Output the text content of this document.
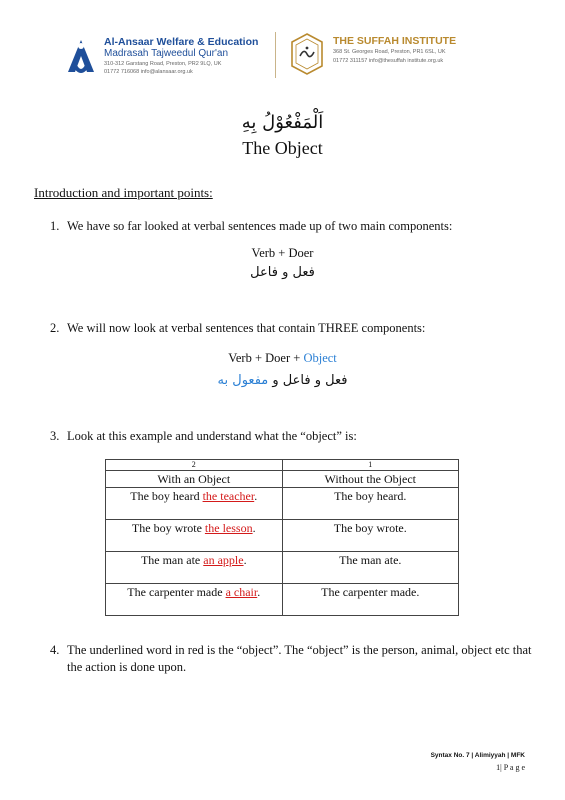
Al-Ansaar Welfare & Education
Madrasah Tajweedul Qur'an
310-312 Garstang Road, Preston, PR2 9LQ, UK
01772 716068 info@alansaar.org.uk
THE SUFFAH INSTITUTE
368 St. Georges Road, Preston, PR1 6SL, UK
01772 311157 info@thesuffah institute.org.uk
اَلْمَفْعُوْلُ بِهِ
The Object
Introduction and important points:
1. We have so far looked at verbal sentences made up of two main components:
Verb + Doer
فعل و فاعل
2. We will now look at verbal sentences that contain THREE components:
Verb + Doer + Object
فعل و فاعل و مفعول به
3. Look at this example and understand what the “object” is:
2	1
With an Object	Without the Object
The boy heard the teacher.	The boy heard.
The boy wrote the lesson.	The boy wrote.
The man ate an apple.	The man ate.
The carpenter made a chair.	The carpenter made.
4. The underlined word in red is the “object”. The “object” is the person, animal, object etc that the action is done upon.
Syntax No. 7 | Alimiyyah | MFK
1| P a g e
